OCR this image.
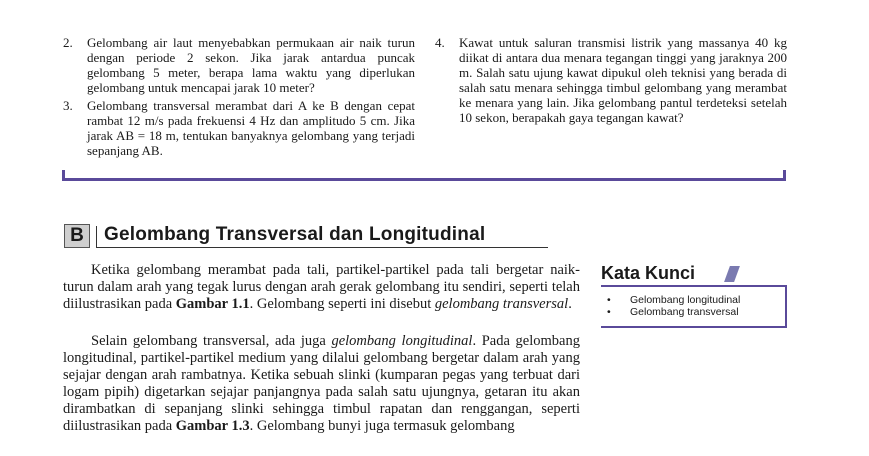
2. Gelombang air laut menyebabkan permukaan air naik turun dengan periode 2 sekon. Jika jarak antardua puncak gelombang 5 meter, berapa lama waktu yang diperlukan gelombang untuk mencapai jarak 10 meter?
3. Gelombang transversal merambat dari A ke B dengan cepat rambat 12 m/s pada frekuensi 4 Hz dan amplitudo 5 cm. Jika jarak AB = 18 m, tentukan banyaknya gelombang yang terjadi sepanjang AB.
4. Kawat untuk saluran transmisi listrik yang massanya 40 kg diikat di antara dua menara tegangan tinggi yang jaraknya 200 m. Salah satu ujung kawat dipukul oleh teknisi yang berada di salah satu menara sehingga timbul gelombang yang merambat ke menara yang lain. Jika gelombang pantul terdeteksi setelah 10 sekon, berapakah gaya tegangan kawat?
B	Gelombang Transversal dan Longitudinal

Ketika gelombang merambat pada tali, partikel-partikel pada tali bergetar naik-turun dalam arah yang tegak lurus dengan arah gerak gelombang itu sendiri, seperti telah diilustrasikan pada Gambar 1.1. Gelombang seperti ini disebut gelombang transversal.

Selain gelombang transversal, ada juga gelombang longitudinal. Pada gelombang longitudinal, partikel-partikel medium yang dilalui gelombang bergetar dalam arah yang sejajar dengan arah rambatnya. Ketika sebuah slinki (kumparan pegas yang terbuat dari logam pipih) digetarkan sejajar panjangnya pada salah satu ujungnya, getaran itu akan dirambatkan di sepanjang slinki sehingga timbul rapatan dan renggangan, seperti diilustrasikan pada Gambar 1.3. Gelombang bunyi juga termasuk gelombang

Kata Kunci
• Gelombang longitudinal
• Gelombang transversal
